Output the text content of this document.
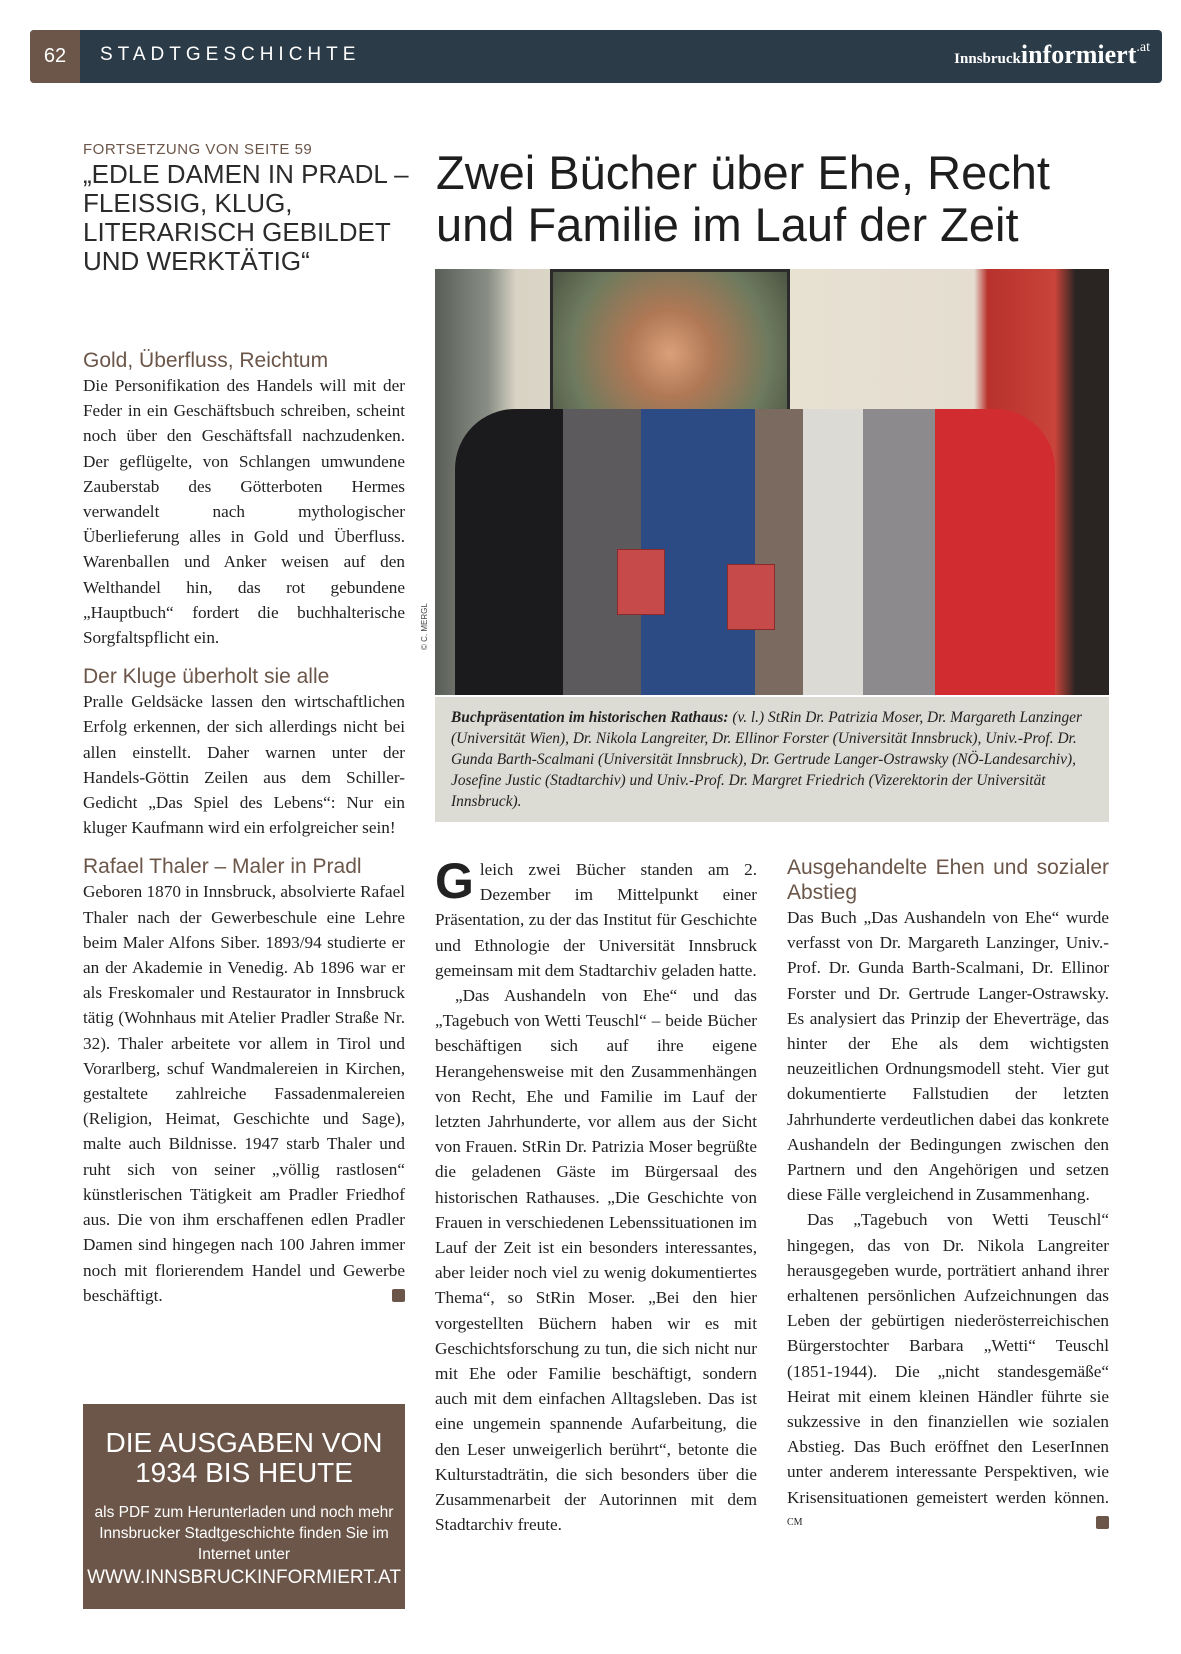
62	STADTGESCHICHTE	Innsbruckinformiert.at
FORTSETZUNG VON SEITE 59
„EDLE DAMEN IN PRADL – FLEISSIG, KLUG, LITERARISCH GEBILDET UND WERKTÄTIG“
Gold, Überfluss, Reichtum

Die Personifikation des Handels will mit der Feder in ein Geschäftsbuch schreiben, scheint noch über den Geschäftsfall nachzudenken. Der geflügelte, von Schlangen umwundene Zauberstab des Götterboten Hermes verwandelt nach mythologischer Überlieferung alles in Gold und Überfluss. Warenballen und Anker weisen auf den Welthandel hin, das rot gebundene „Hauptbuch“ fordert die buchhalterische Sorgfaltspflicht ein.

Der Kluge überholt sie alle

Pralle Geldsäcke lassen den wirtschaftlichen Erfolg erkennen, der sich allerdings nicht bei allen einstellt. Daher warnen unter der Handels-Göttin Zeilen aus dem Schiller-Gedicht „Das Spiel des Lebens“: Nur ein kluger Kaufmann wird ein erfolgreicher sein!

Rafael Thaler – Maler in Pradl

Geboren 1870 in Innsbruck, absolvierte Rafael Thaler nach der Gewerbeschule eine Lehre beim Maler Alfons Siber. 1893/94 studierte er an der Akademie in Venedig. Ab 1896 war er als Freskomaler und Restaurator in Innsbruck tätig (Wohnhaus mit Atelier Pradler Straße Nr. 32). Thaler arbeitete vor allem in Tirol und Vorarlberg, schuf Wandmalereien in Kirchen, gestaltete zahlreiche Fassadenmalereien (Religion, Heimat, Geschichte und Sage), malte auch Bildnisse. 1947 starb Thaler und ruht sich von seiner „völlig rastlosen“ künstlerischen Tätigkeit am Pradler Friedhof aus. Die von ihm erschaffenen edlen Pradler Damen sind hingegen nach 100 Jahren immer noch mit florierendem Handel und Gewerbe beschäftigt.

DIE AUSGABEN VON 1934 BIS HEUTE
als PDF zum Herunterladen und noch mehr Innsbrucker Stadtgeschichte finden Sie im Internet unter
WWW.INNSBRUCKINFORMIERT.AT
Zwei Bücher über Ehe, Recht und Familie im Lauf der Zeit
© C. MERGL
Buchpräsentation im historischen Rathaus: (v. l.) StRin Dr. Patrizia Moser, Dr. Margareth Lanzinger (Universität Wien), Dr. Nikola Langreiter, Dr. Ellinor Forster (Universität Innsbruck), Univ.-Prof. Dr. Gunda Barth-Scalmani (Universität Innsbruck), Dr. Gertrude Langer-Ostrawsky (NÖ-Landesarchiv), Josefine Justic (Stadtarchiv) und Univ.-Prof. Dr. Margret Friedrich (Vizerektorin der Universität Innsbruck).

Gleich zwei Bücher standen am 2. Dezember im Mittelpunkt einer Präsentation, zu der das Institut für Geschichte und Ethnologie der Universität Innsbruck gemeinsam mit dem Stadtarchiv geladen hatte.

„Das Aushandeln von Ehe“ und das „Tagebuch von Wetti Teuschl“ – beide Bücher beschäftigen sich auf ihre eigene Herangehensweise mit den Zusammenhängen von Recht, Ehe und Familie im Lauf der letzten Jahrhunderte, vor allem aus der Sicht von Frauen. StRin Dr. Patrizia Moser begrüßte die geladenen Gäste im Bürgersaal des historischen Rathauses. „Die Geschichte von Frauen in verschiedenen Lebenssituationen im Lauf der Zeit ist ein besonders interessantes, aber leider noch viel zu wenig dokumentiertes Thema“, so StRin Moser. „Bei den hier vorgestellten Büchern haben wir es mit Geschichtsforschung zu tun, die sich nicht nur mit Ehe oder Familie beschäftigt, sondern auch mit dem einfachen Alltagsleben. Das ist eine ungemein spannende Aufarbeitung, die den Leser unweigerlich berührt“, betonte die Kulturstadträtin, die sich besonders über die Zusammenarbeit der Autorinnen mit dem Stadtarchiv freute.

Ausgehandelte Ehen und sozialer Abstieg

Das Buch „Das Aushandeln von Ehe“ wurde verfasst von Dr. Margareth Lanzinger, Univ.-Prof. Dr. Gunda Barth-Scalmani, Dr. Ellinor Forster und Dr. Gertrude Langer-Ostrawsky. Es analysiert das Prinzip der Eheverträge, das hinter der Ehe als dem wichtigsten neuzeitlichen Ordnungsmodell steht. Vier gut dokumentierte Fallstudien der letzten Jahrhunderte verdeutlichen dabei das konkrete Aushandeln der Bedingungen zwischen den Partnern und den Angehörigen und setzen diese Fälle vergleichend in Zusammenhang.

Das „Tagebuch von Wetti Teuschl“ hingegen, das von Dr. Nikola Langreiter herausgegeben wurde, porträtiert anhand ihrer erhaltenen persönlichen Aufzeichnungen das Leben der gebürtigen niederösterreichischen Bürgerstochter Barbara „Wetti“ Teuschl (1851-1944). Die „nicht standesgemäße“ Heirat mit einem kleinen Händler führte sie sukzessive in den finanziellen wie sozialen Abstieg. Das Buch eröffnet den LeserInnen unter anderem interessante Perspektiven, wie Krisensituationen gemeistert werden können. $^{CM}$
